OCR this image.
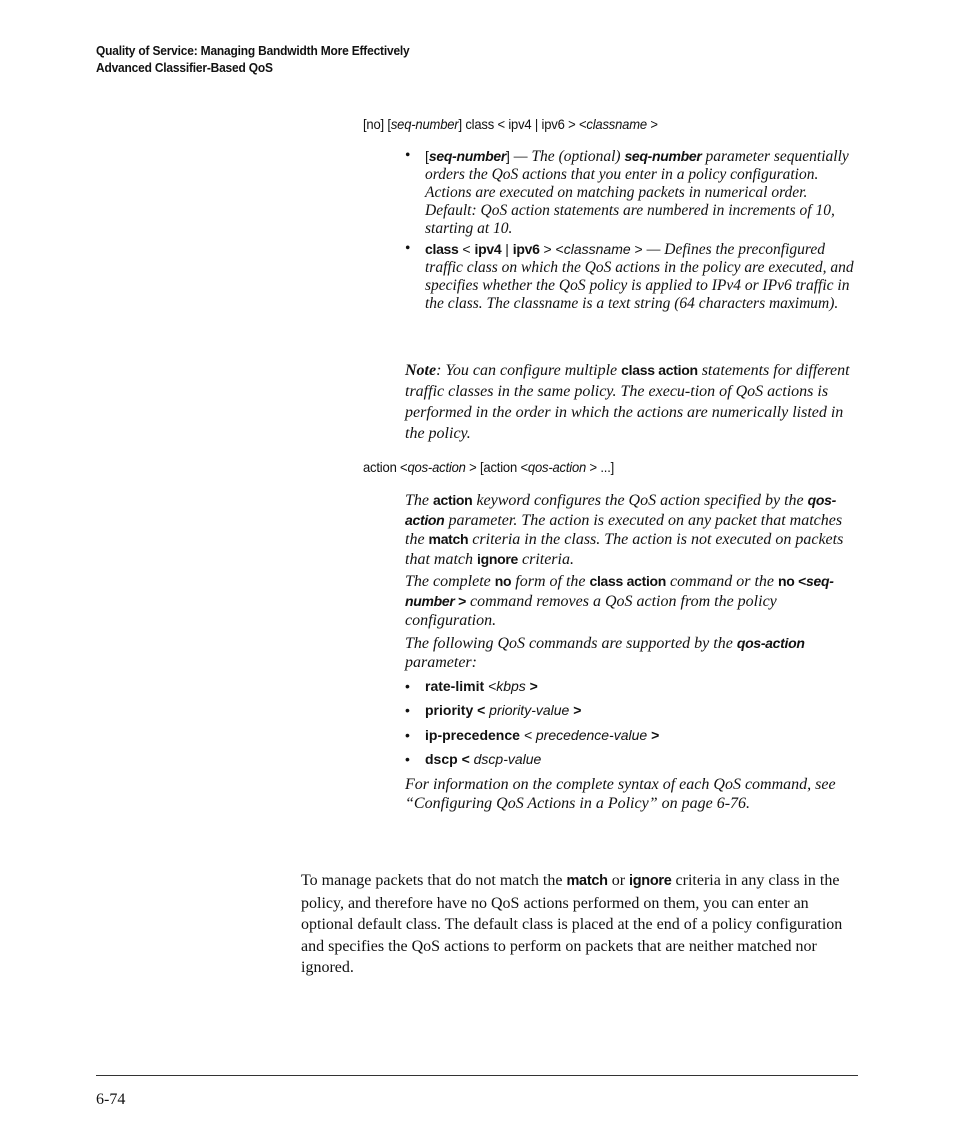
Quality of Service: Managing Bandwidth More Effectively
Advanced Classifier-Based QoS
[no] [seq-number] class < ipv4 | ipv6 > <classname >
• [seq-number] — The (optional) seq-number parameter sequentially orders the QoS actions that you enter in a policy configuration. Actions are executed on matching packets in numerical order. Default: QoS action statements are numbered in increments of 10, starting at 10.
• class < ipv4 | ipv6 > <classname > — Defines the preconfigured traffic class on which the QoS actions in the policy are executed, and specifies whether the QoS policy is applied to IPv4 or IPv6 traffic in the class. The classname is a text string (64 characters maximum).
Note: You can configure multiple class action statements for different traffic classes in the same policy. The execu-tion of QoS actions is performed in the order in which the actions are numerically listed in the policy.
action <qos-action > [action <qos-action > ...]
The action keyword configures the QoS action specified by the qos-action parameter. The action is executed on any packet that matches the match criteria in the class. The action is not executed on packets that match ignore criteria.
The complete no form of the class action command or the no <seq-number > command removes a QoS action from the policy configuration.
The following QoS commands are supported by the qos-action parameter:
• rate-limit <kbps >
• priority < priority-value >
• ip-precedence < precedence-value >
• dscp < dscp-value
For information on the complete syntax of each QoS command, see “Configuring QoS Actions in a Policy” on page 6-76.
To manage packets that do not match the match or ignore criteria in any class in the policy, and therefore have no QoS actions performed on them, you can enter an optional default class. The default class is placed at the end of a policy configuration and specifies the QoS actions to perform on packets that are neither matched nor ignored.
6-74
